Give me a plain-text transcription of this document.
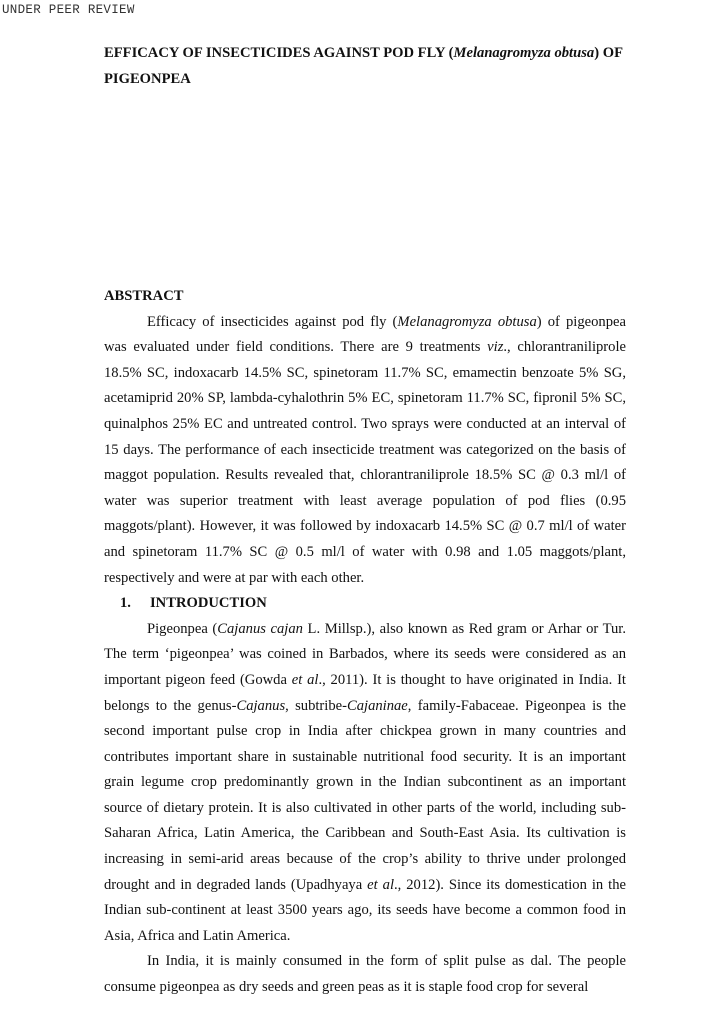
UNDER PEER REVIEW
EFFICACY OF INSECTICIDES AGAINST POD FLY (Melanagromyza obtusa) OF PIGEONPEA
ABSTRACT
Efficacy of insecticides against pod fly (Melanagromyza obtusa) of pigeonpea was evaluated under field conditions. There are 9 treatments viz., chlorantraniliprole 18.5% SC, indoxacarb 14.5% SC, spinetoram 11.7% SC, emamectin benzoate 5% SG, acetamiprid 20% SP, lambda-cyhalothrin 5% EC, spinetoram 11.7% SC, fipronil 5% SC, quinalphos 25% EC and untreated control. Two sprays were conducted at an interval of 15 days. The performance of each insecticide treatment was categorized on the basis of maggot population. Results revealed that, chlorantraniliprole 18.5% SC @ 0.3 ml/l of water was superior treatment with least average population of pod flies (0.95 maggots/plant). However, it was followed by indoxacarb 14.5% SC @ 0.7 ml/l of water and spinetoram 11.7% SC @ 0.5 ml/l of water with 0.98 and 1.05 maggots/plant, respectively and were at par with each other.
1. INTRODUCTION
Pigeonpea (Cajanus cajan L. Millsp.), also known as Red gram or Arhar or Tur. The term ‘pigeonpea’ was coined in Barbados, where its seeds were considered as an important pigeon feed (Gowda et al., 2011). It is thought to have originated in India. It belongs to the genus-Cajanus, subtribe-Cajaninae, family-Fabaceae. Pigeonpea is the second important pulse crop in India after chickpea grown in many countries and contributes important share in sustainable nutritional food security. It is an important grain legume crop predominantly grown in the Indian subcontinent as an important source of dietary protein. It is also cultivated in other parts of the world, including sub-Saharan Africa, Latin America, the Caribbean and South-East Asia. Its cultivation is increasing in semi-arid areas because of the crop’s ability to thrive under prolonged drought and in degraded lands (Upadhyaya et al., 2012). Since its domestication in the Indian sub-continent at least 3500 years ago, its seeds have become a common food in Asia, Africa and Latin America.
In India, it is mainly consumed in the form of split pulse as dal. The people consume pigeonpea as dry seeds and green peas as it is staple food crop for several
